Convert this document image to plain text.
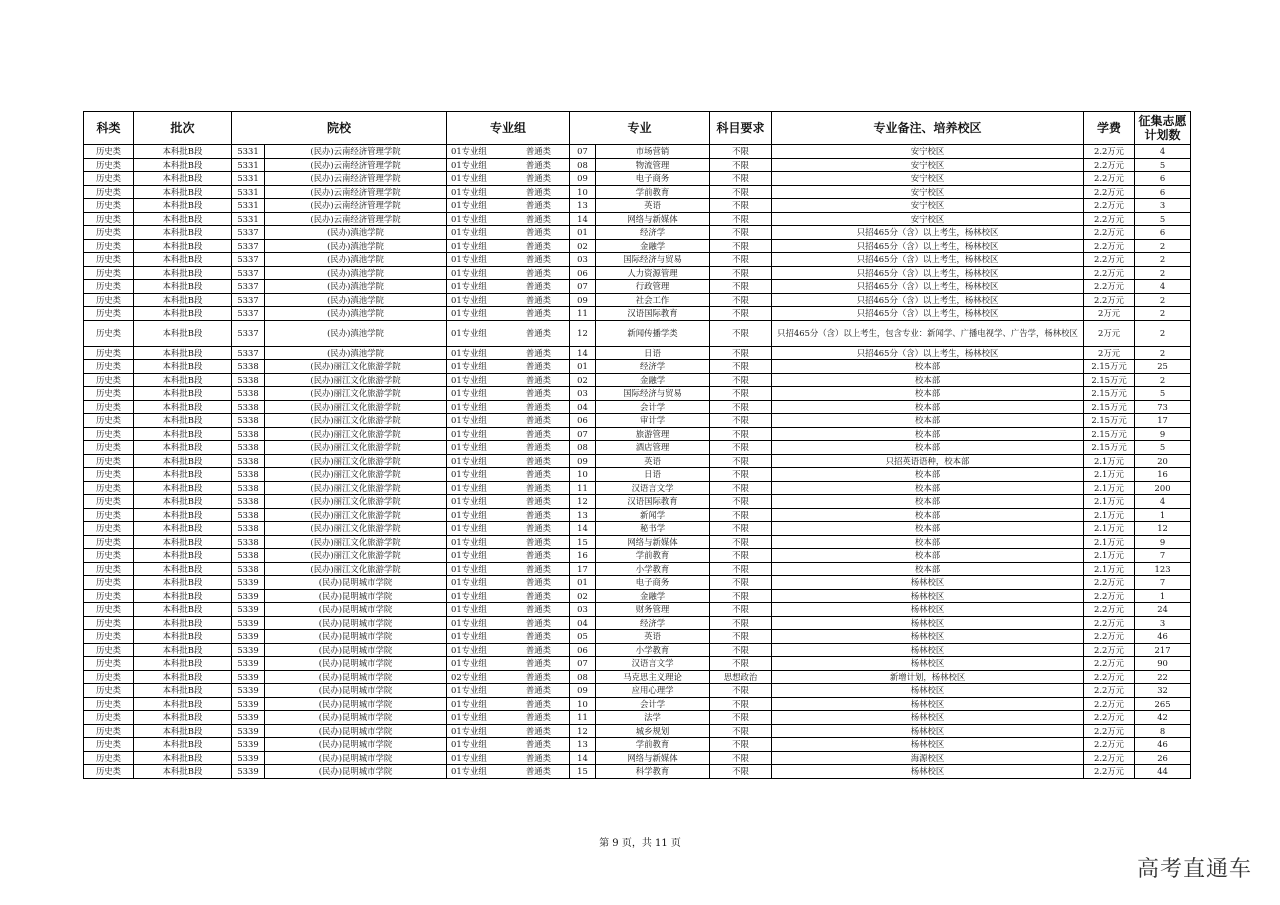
科类	批次	院校		专业组	专业		科目要求	专业备注、培养校区	学费	征集志愿计划数
历史类	本科批B段	5331	(民办)云南经济管理学院	01专业组 普通类	07	市场营销	不限	安宁校区	2.2万元	4
历史类	本科批B段	5331	(民办)云南经济管理学院	01专业组 普通类	08	物流管理	不限	安宁校区	2.2万元	5
历史类	本科批B段	5331	(民办)云南经济管理学院	01专业组 普通类	09	电子商务	不限	安宁校区	2.2万元	6
历史类	本科批B段	5331	(民办)云南经济管理学院	01专业组 普通类	10	学前教育	不限	安宁校区	2.2万元	6
历史类	本科批B段	5331	(民办)云南经济管理学院	01专业组 普通类	13	英语	不限	安宁校区	2.2万元	3
历史类	本科批B段	5331	(民办)云南经济管理学院	01专业组 普通类	14	网络与新媒体	不限	安宁校区	2.2万元	5
历史类	本科批B段	5337	(民办)滇池学院	01专业组 普通类	01	经济学	不限	只招465分（含）以上考生，杨林校区	2.2万元	6
历史类	本科批B段	5337	(民办)滇池学院	01专业组 普通类	02	金融学	不限	只招465分（含）以上考生，杨林校区	2.2万元	2
历史类	本科批B段	5337	(民办)滇池学院	01专业组 普通类	03	国际经济与贸易	不限	只招465分（含）以上考生，杨林校区	2.2万元	2
历史类	本科批B段	5337	(民办)滇池学院	01专业组 普通类	06	人力资源管理	不限	只招465分（含）以上考生，杨林校区	2.2万元	2
历史类	本科批B段	5337	(民办)滇池学院	01专业组 普通类	07	行政管理	不限	只招465分（含）以上考生，杨林校区	2.2万元	4
历史类	本科批B段	5337	(民办)滇池学院	01专业组 普通类	09	社会工作	不限	只招465分（含）以上考生，杨林校区	2.2万元	2
历史类	本科批B段	5337	(民办)滇池学院	01专业组 普通类	11	汉语国际教育	不限	只招465分（含）以上考生，杨林校区	2万元	2
历史类	本科批B段	5337	(民办)滇池学院	01专业组 普通类	12	新闻传播学类	不限	只招465分（含）以上考生，包含专业：新闻学、广播电视学、广告学，杨林校区	2万元	2
历史类	本科批B段	5337	(民办)滇池学院	01专业组 普通类	14	日语	不限	只招465分（含）以上考生，杨林校区	2万元	2
历史类	本科批B段	5338	(民办)丽江文化旅游学院	01专业组 普通类	01	经济学	不限	校本部	2.15万元	25
历史类	本科批B段	5338	(民办)丽江文化旅游学院	01专业组 普通类	02	金融学	不限	校本部	2.15万元	2
历史类	本科批B段	5338	(民办)丽江文化旅游学院	01专业组 普通类	03	国际经济与贸易	不限	校本部	2.15万元	5
历史类	本科批B段	5338	(民办)丽江文化旅游学院	01专业组 普通类	04	会计学	不限	校本部	2.15万元	73
历史类	本科批B段	5338	(民办)丽江文化旅游学院	01专业组 普通类	06	审计学	不限	校本部	2.15万元	17
历史类	本科批B段	5338	(民办)丽江文化旅游学院	01专业组 普通类	07	旅游管理	不限	校本部	2.15万元	9
历史类	本科批B段	5338	(民办)丽江文化旅游学院	01专业组 普通类	08	酒店管理	不限	校本部	2.15万元	5
历史类	本科批B段	5338	(民办)丽江文化旅游学院	01专业组 普通类	09	英语	不限	只招英语语种，校本部	2.1万元	20
历史类	本科批B段	5338	(民办)丽江文化旅游学院	01专业组 普通类	10	日语	不限	校本部	2.1万元	16
历史类	本科批B段	5338	(民办)丽江文化旅游学院	01专业组 普通类	11	汉语言文学	不限	校本部	2.1万元	200
历史类	本科批B段	5338	(民办)丽江文化旅游学院	01专业组 普通类	12	汉语国际教育	不限	校本部	2.1万元	4
历史类	本科批B段	5338	(民办)丽江文化旅游学院	01专业组 普通类	13	新闻学	不限	校本部	2.1万元	1
历史类	本科批B段	5338	(民办)丽江文化旅游学院	01专业组 普通类	14	秘书学	不限	校本部	2.1万元	12
历史类	本科批B段	5338	(民办)丽江文化旅游学院	01专业组 普通类	15	网络与新媒体	不限	校本部	2.1万元	9
历史类	本科批B段	5338	(民办)丽江文化旅游学院	01专业组 普通类	16	学前教育	不限	校本部	2.1万元	7
历史类	本科批B段	5338	(民办)丽江文化旅游学院	01专业组 普通类	17	小学教育	不限	校本部	2.1万元	123
历史类	本科批B段	5339	(民办)昆明城市学院	01专业组 普通类	01	电子商务	不限	杨林校区	2.2万元	7
历史类	本科批B段	5339	(民办)昆明城市学院	01专业组 普通类	02	金融学	不限	杨林校区	2.2万元	1
历史类	本科批B段	5339	(民办)昆明城市学院	01专业组 普通类	03	财务管理	不限	杨林校区	2.2万元	24
历史类	本科批B段	5339	(民办)昆明城市学院	01专业组 普通类	04	经济学	不限	杨林校区	2.2万元	3
历史类	本科批B段	5339	(民办)昆明城市学院	01专业组 普通类	05	英语	不限	杨林校区	2.2万元	46
历史类	本科批B段	5339	(民办)昆明城市学院	01专业组 普通类	06	小学教育	不限	杨林校区	2.2万元	217
历史类	本科批B段	5339	(民办)昆明城市学院	01专业组 普通类	07	汉语言文学	不限	杨林校区	2.2万元	90
历史类	本科批B段	5339	(民办)昆明城市学院	02专业组 普通类	08	马克思主义理论	思想政治	新增计划，杨林校区	2.2万元	22
历史类	本科批B段	5339	(民办)昆明城市学院	01专业组 普通类	09	应用心理学	不限	杨林校区	2.2万元	32
历史类	本科批B段	5339	(民办)昆明城市学院	01专业组 普通类	10	会计学	不限	杨林校区	2.2万元	265
历史类	本科批B段	5339	(民办)昆明城市学院	01专业组 普通类	11	法学	不限	杨林校区	2.2万元	42
历史类	本科批B段	5339	(民办)昆明城市学院	01专业组 普通类	12	城乡规划	不限	杨林校区	2.2万元	8
历史类	本科批B段	5339	(民办)昆明城市学院	01专业组 普通类	13	学前教育	不限	杨林校区	2.2万元	46
历史类	本科批B段	5339	(民办)昆明城市学院	01专业组 普通类	14	网络与新媒体	不限	海源校区	2.2万元	26
历史类	本科批B段	5339	(民办)昆明城市学院	01专业组 普通类	15	科学教育	不限	杨林校区	2.2万元	44
第 9 页，共 11 页
高考直通车
